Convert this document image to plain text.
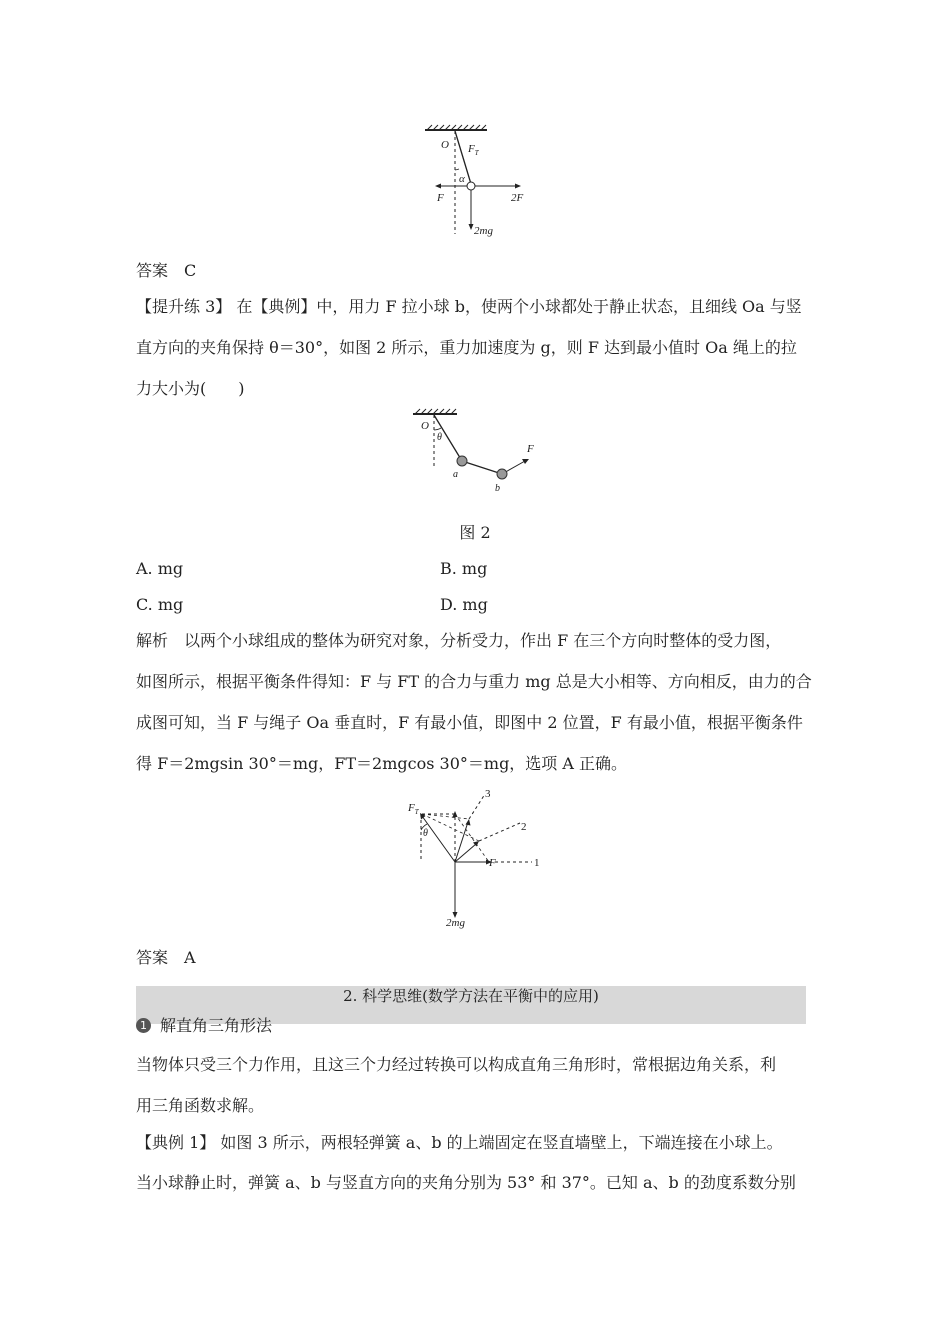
O $F_T$
α
F	2F
2mg
答案　C
【提升练 3】 在【典例】中，用力 F 拉小球 b，使两个小球都处于静止状态，且细线 Oa 与竖
直方向的夹角保持 θ＝30°，如图 2 所示，重力加速度为 g，则 F 达到最小值时 Oa 绳上的拉
力大小为(　　)
O
θ
a
b
F
图 2
A. mg	B. mg
C. mg	D. mg
解析　以两个小球组成的整体为研究对象，分析受力，作出 F 在三个方向时整体的受力图，
如图所示，根据平衡条件得知：F 与 FT 的合力与重力 mg 总是大小相等、方向相反，由力的合
成图可知，当 F 与绳子 Oa 垂直时，F 有最小值，即图中 2 位置，F 有最小值，根据平衡条件
得 F＝2mgsin 30°＝mg，FT＝2mgcos 30°＝mg，选项 A 正确。
$F_T$
θ
3
2
1
F
2mg
答案　A
2. 科学思维(数学方法在平衡中的应用)
1 解直角三角形法
当物体只受三个力作用，且这三个力经过转换可以构成直角三角形时，常根据边角关系，利
用三角函数求解。
【典例 1】 如图 3 所示，两根轻弹簧 a、b 的上端固定在竖直墙壁上，下端连接在小球上。
当小球静止时，弹簧 a、b 与竖直方向的夹角分别为 53° 和 37°。已知 a、b 的劲度系数分别
